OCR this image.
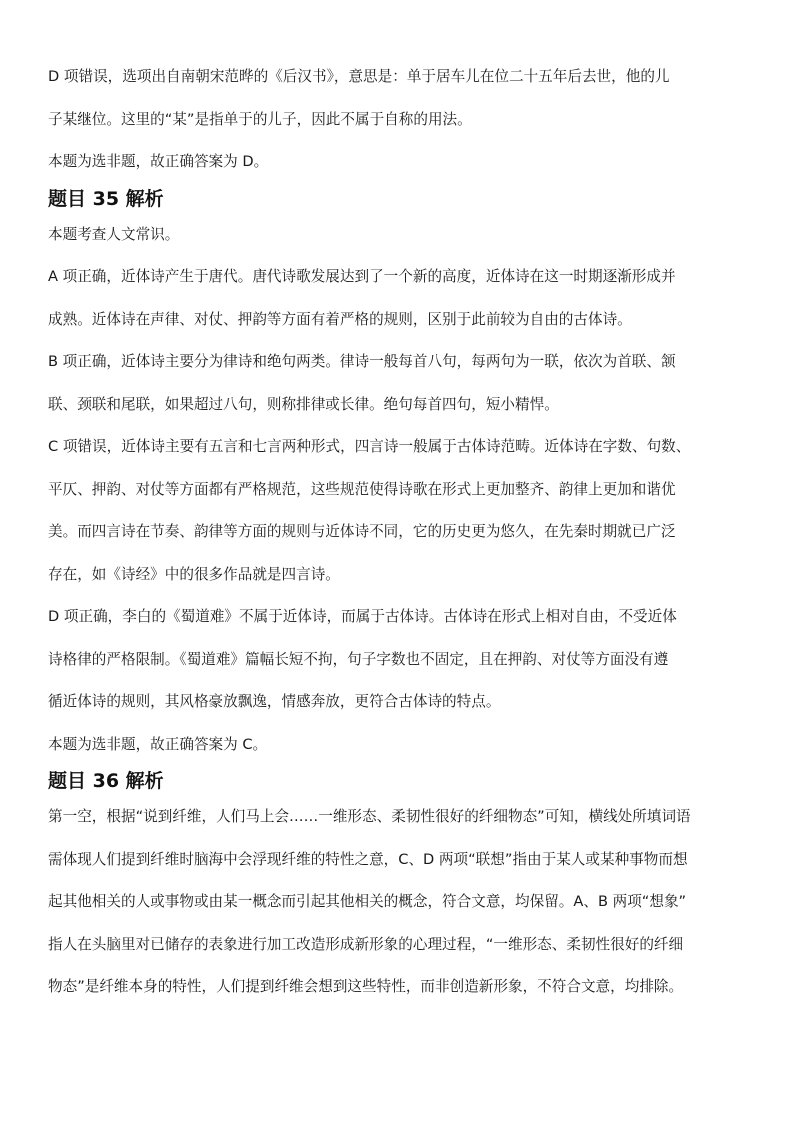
D 项错误，选项出自南朝宋范晔的《后汉书》，意思是：单于居车儿在位二十五年后去世，他的儿

子某继位。这里的“某”是指单于的儿子，因此不属于自称的用法。

本题为选非题，故正确答案为 D。

题目 35 解析

本题考查人文常识。

A 项正确，近体诗产生于唐代。唐代诗歌发展达到了一个新的高度，近体诗在这一时期逐渐形成并

成熟。近体诗在声律、对仗、押韵等方面有着严格的规则，区别于此前较为自由的古体诗。

B 项正确，近体诗主要分为律诗和绝句两类。律诗一般每首八句，每两句为一联，依次为首联、颔

联、颈联和尾联，如果超过八句，则称排律或长律。绝句每首四句，短小精悍。

C 项错误，近体诗主要有五言和七言两种形式，四言诗一般属于古体诗范畴。近体诗在字数、句数、

平仄、押韵、对仗等方面都有严格规范，这些规范使得诗歌在形式上更加整齐、韵律上更加和谐优

美。而四言诗在节奏、韵律等方面的规则与近体诗不同，它的历史更为悠久，在先秦时期就已广泛

存在，如《诗经》中的很多作品就是四言诗。

D 项正确，李白的《蜀道难》不属于近体诗，而属于古体诗。古体诗在形式上相对自由，不受近体

诗格律的严格限制。《蜀道难》篇幅长短不拘，句子字数也不固定，且在押韵、对仗等方面没有遵

循近体诗的规则，其风格豪放飘逸，情感奔放，更符合古体诗的特点。

本题为选非题，故正确答案为 C。

题目 36 解析

第一空，根据“说到纤维，人们马上会……一维形态、柔韧性很好的纤细物态”可知，横线处所填词语

需体现人们提到纤维时脑海中会浮现纤维的特性之意，C、D 两项“联想”指由于某人或某种事物而想

起其他相关的人或事物或由某一概念而引起其他相关的概念，符合文意，均保留。A、B 两项“想象”

指人在头脑里对已储存的表象进行加工改造形成新形象的心理过程，“一维形态、柔韧性很好的纤细

物态”是纤维本身的特性，人们提到纤维会想到这些特性，而非创造新形象，不符合文意，均排除。
